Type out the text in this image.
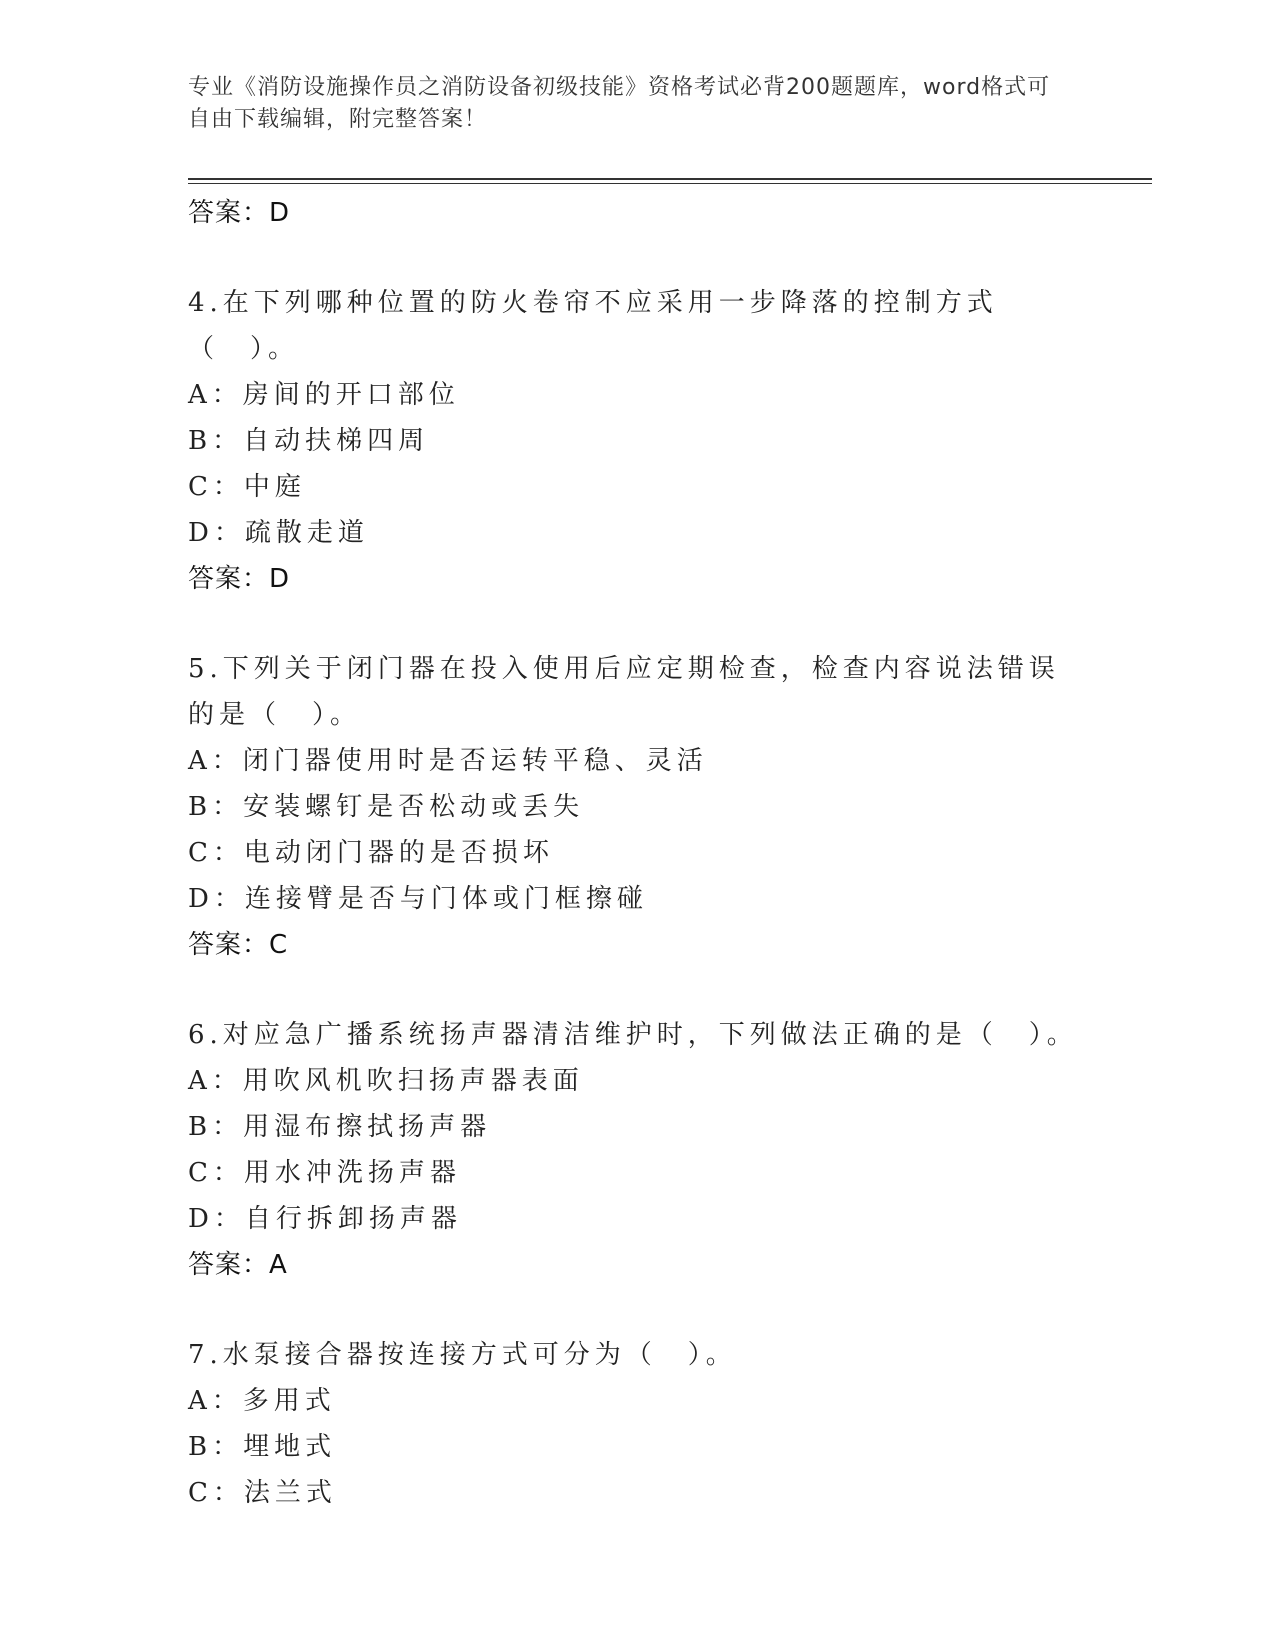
专业《消防设施操作员之消防设备初级技能》资格考试必背200题题库，word格式可自由下载编辑，附完整答案！
答案：D
4.在下列哪种位置的防火卷帘不应采用一步降落的控制方式（　）。
A：房间的开口部位
B：自动扶梯四周
C：中庭
D：疏散走道
答案：D
5.下列关于闭门器在投入使用后应定期检查，检查内容说法错误的是（　）。
A：闭门器使用时是否运转平稳、灵活
B：安装螺钉是否松动或丢失
C：电动闭门器的是否损坏
D：连接臂是否与门体或门框擦碰
答案：C
6.对应急广播系统扬声器清洁维护时，下列做法正确的是（　）。
A：用吹风机吹扫扬声器表面
B：用湿布擦拭扬声器
C：用水冲洗扬声器
D：自行拆卸扬声器
答案：A
7.水泵接合器按连接方式可分为（　）。
A：多用式
B：埋地式
C：法兰式
